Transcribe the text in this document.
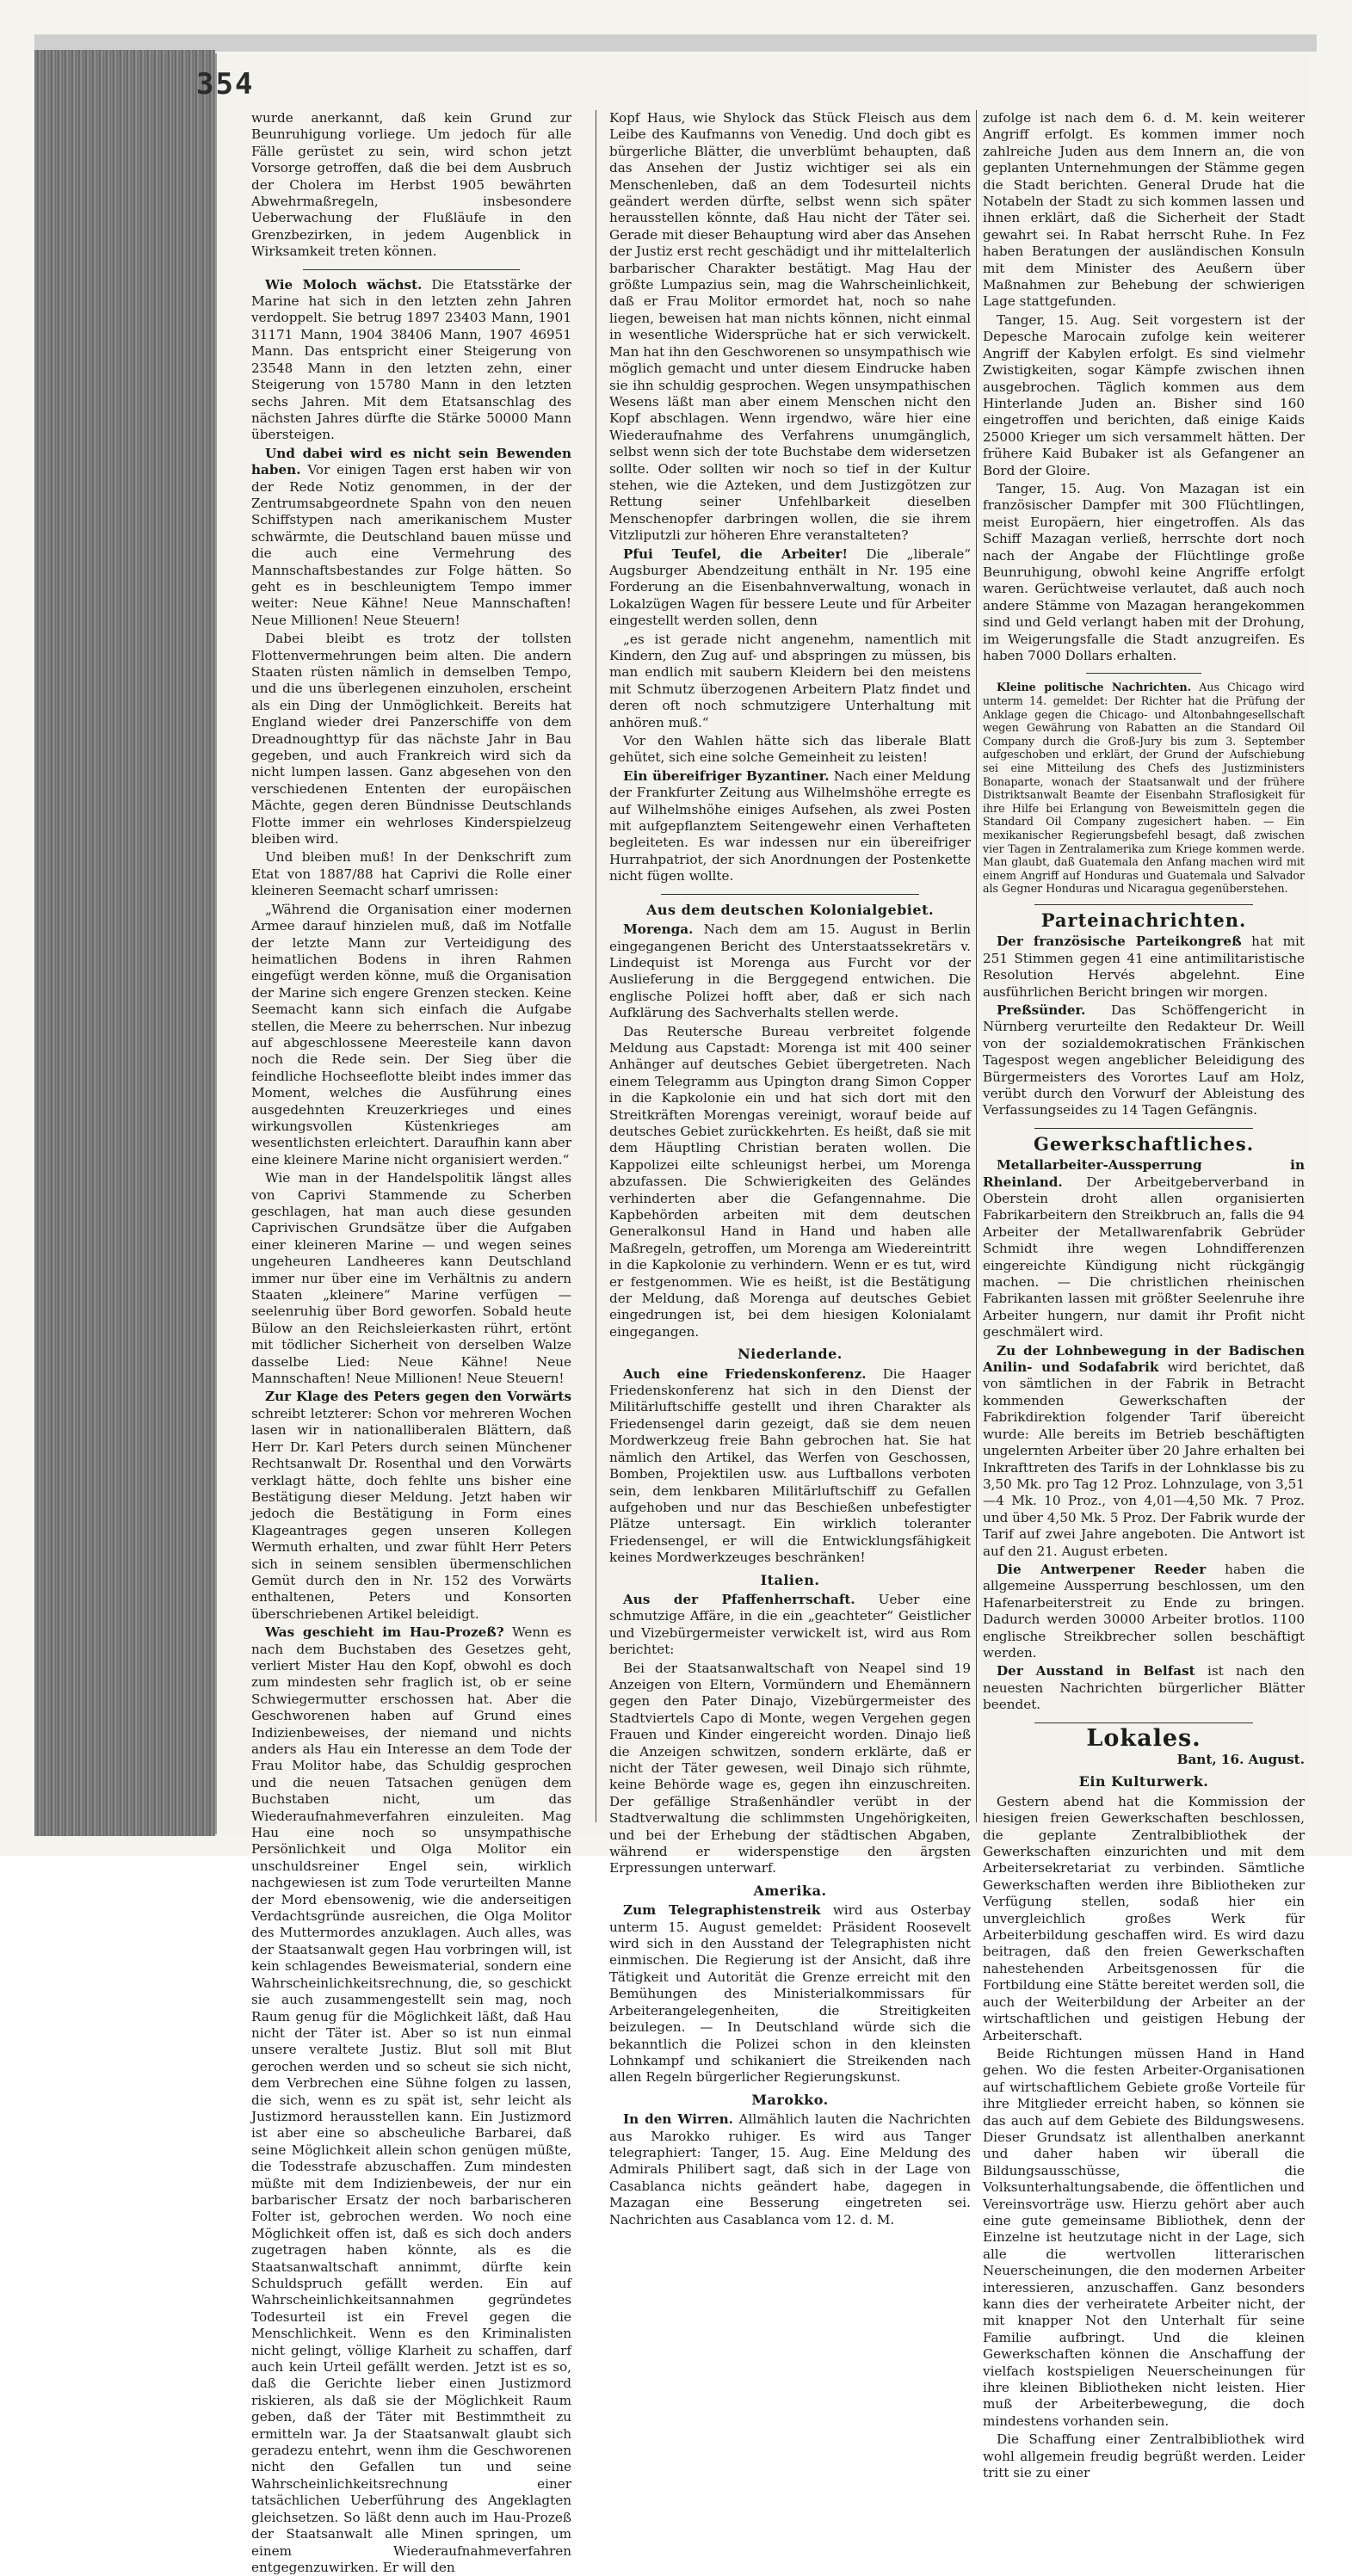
354

wurde anerkannt, daß kein Grund zur Beunruhigung vorliege. Um jedoch für alle Fälle gerüstet zu sein, wird schon jetzt Vorsorge getroffen, daß die bei dem Ausbruch der Cholera im Herbst 1905 bewährten Abwehrmaßregeln, insbesondere Ueberwachung der Flußläufe in den Grenzbezirken, in jedem Augenblick in Wirksamkeit treten können.

Wie Moloch wächst. Die Etatsstärke der Marine hat sich in den letzten zehn Jahren verdoppelt. Sie betrug 1897 23403 Mann, 1901 31171 Mann, 1904 38406 Mann, 1907 46951 Mann. Das entspricht einer Steigerung von 23548 Mann in den letzten zehn, einer Steigerung von 15780 Mann in den letzten sechs Jahren. Mit dem Etatsanschlag des nächsten Jahres dürfte die Stärke 50000 Mann übersteigen.

Und dabei wird es nicht sein Bewenden haben. Vor einigen Tagen erst haben wir von der Rede Notiz genommen, in der der Zentrumsabgeordnete Spahn von den neuen Schiffstypen nach amerikanischem Muster schwärmte, die Deutschland bauen müsse und die auch eine Vermehrung des Mannschaftsbestandes zur Folge hätten. So geht es in beschleunigtem Tempo immer weiter: Neue Kähne! Neue Mannschaften! Neue Millionen! Neue Steuern!

Dabei bleibt es trotz der tollsten Flottenvermehrungen beim alten. Die andern Staaten rüsten nämlich in demselben Tempo, und die uns überlegenen einzuholen, erscheint als ein Ding der Unmöglichkeit. Bereits hat England wieder drei Panzerschiffe von dem Dreadnoughttyp für das nächste Jahr in Bau gegeben, und auch Frankreich wird sich da nicht lumpen lassen. Ganz abgesehen von den verschiedenen Ententen der europäischen Mächte, gegen deren Bündnisse Deutschlands Flotte immer ein wehrloses Kinderspielzeug bleiben wird.

Und bleiben muß! In der Denkschrift zum Etat von 1887/88 hat Caprivi die Rolle einer kleineren Seemacht scharf umrissen:

„Während die Organisation einer modernen Armee darauf hinzielen muß, daß im Notfalle der letzte Mann zur Verteidigung des heimatlichen Bodens in ihren Rahmen eingefügt werden könne, muß die Organisation der Marine sich engere Grenzen stecken. Keine Seemacht kann sich einfach die Aufgabe stellen, die Meere zu beherrschen. Nur inbezug auf abgeschlossene Meeresteile kann davon noch die Rede sein. Der Sieg über die feindliche Hochseeflotte bleibt indes immer das Moment, welches die Ausführung eines ausgedehnten Kreuzerkrieges und eines wirkungsvollen Küstenkrieges am wesentlichsten erleichtert. Daraufhin kann aber eine kleinere Marine nicht organisiert werden.“

Wie man in der Handelspolitik längst alles von Caprivi Stammende zu Scherben geschlagen, hat man auch diese gesunden Caprivischen Grundsätze über die Aufgaben einer kleineren Marine — und wegen seines ungeheuren Landheeres kann Deutschland immer nur über eine im Verhältnis zu andern Staaten „kleinere“ Marine verfügen — seelenruhig über Bord geworfen. Sobald heute Bülow an den Reichsleierkasten rührt, ertönt mit tödlicher Sicherheit von derselben Walze dasselbe Lied: Neue Kähne! Neue Mannschaften! Neue Millionen! Neue Steuern!

Zur Klage des Peters gegen den Vorwärts schreibt letzterer: Schon vor mehreren Wochen lasen wir in nationalliberalen Blättern, daß Herr Dr. Karl Peters durch seinen Münchener Rechtsanwalt Dr. Rosenthal und den Vorwärts verklagt hätte, doch fehlte uns bisher eine Bestätigung dieser Meldung. Jetzt haben wir jedoch die Bestätigung in Form eines Klageantrages gegen unseren Kollegen Wermuth erhalten, und zwar fühlt Herr Peters sich in seinem sensiblen übermenschlichen Gemüt durch den in Nr. 152 des Vorwärts enthaltenen, Peters und Konsorten überschriebenen Artikel beleidigt.

Was geschieht im Hau-Prozeß? Wenn es nach dem Buchstaben des Gesetzes geht, verliert Mister Hau den Kopf, obwohl es doch zum mindesten sehr fraglich ist, ob er seine Schwiegermutter erschossen hat. Aber die Geschworenen haben auf Grund eines Indizienbeweises, der niemand und nichts anders als Hau ein Interesse an dem Tode der Frau Molitor habe, das Schuldig gesprochen und die neuen Tatsachen genügen dem Buchstaben nicht, um das Wiederaufnahmeverfahren einzuleiten. Mag Hau eine noch so unsympathische Persönlichkeit und Olga Molitor ein unschuldsreiner Engel sein, wirklich nachgewiesen ist zum Tode verurteilten Manne der Mord ebensowenig, wie die anderseitigen Verdachtsgründe ausreichen, die Olga Molitor des Muttermordes anzuklagen. Auch alles, was der Staatsanwalt gegen Hau vorbringen will, ist kein schlagendes Beweismaterial, sondern eine Wahrscheinlichkeitsrechnung, die, so geschickt sie auch zusammengestellt sein mag, noch Raum genug für die Möglichkeit läßt, daß Hau nicht der Täter ist. Aber so ist nun einmal unsere veraltete Justiz. Blut soll mit Blut gerochen werden und so scheut sie sich nicht, dem Verbrechen eine Sühne folgen zu lassen, die sich, wenn es zu spät ist, sehr leicht als Justizmord herausstellen kann. Ein Justizmord ist aber eine so abscheuliche Barbarei, daß seine Möglichkeit allein schon genügen müßte, die Todesstrafe abzuschaffen. Zum mindesten müßte mit dem Indizienbeweis, der nur ein barbarischer Ersatz der noch barbarischeren Folter ist, gebrochen werden. Wo noch eine Möglichkeit offen ist, daß es sich doch anders zugetragen haben könnte, als es die Staatsanwaltschaft annimmt, dürfte kein Schuldspruch gefällt werden. Ein auf Wahrscheinlichkeitsannahmen gegründetes Todesurteil ist ein Frevel gegen die Menschlichkeit. Wenn es den Kriminalisten nicht gelingt, völlige Klarheit zu schaffen, darf auch kein Urteil gefällt werden. Jetzt ist es so, daß die Gerichte lieber einen Justizmord riskieren, als daß sie der Möglichkeit Raum geben, daß der Täter mit Bestimmtheit zu ermitteln war. Ja der Staatsanwalt glaubt sich geradezu entehrt, wenn ihm die Geschworenen nicht den Gefallen tun und seine Wahrscheinlichkeitsrechnung einer tatsächlichen Ueberführung des Angeklagten gleichsetzen. So läßt denn auch im Hau-Prozeß der Staatsanwalt alle Minen springen, um einem Wiederaufnahmeverfahren entgegenzuwirken. Er will den

Kopf Haus, wie Shylock das Stück Fleisch aus dem Leibe des Kaufmanns von Venedig. Und doch gibt es bürgerliche Blätter, die unverblümt behaupten, daß das Ansehen der Justiz wichtiger sei als ein Menschenleben, daß an dem Todesurteil nichts geändert werden dürfte, selbst wenn sich später herausstellen könnte, daß Hau nicht der Täter sei. Gerade mit dieser Behauptung wird aber das Ansehen der Justiz erst recht geschädigt und ihr mittelalterlich barbarischer Charakter bestätigt. Mag Hau der größte Lumpazius sein, mag die Wahrscheinlichkeit, daß er Frau Molitor ermordet hat, noch so nahe liegen, beweisen hat man nichts können, nicht einmal in wesentliche Widersprüche hat er sich verwickelt. Man hat ihn den Geschworenen so unsympathisch wie möglich gemacht und unter diesem Eindrucke haben sie ihn schuldig gesprochen. Wegen unsympathischen Wesens läßt man aber einem Menschen nicht den Kopf abschlagen. Wenn irgendwo, wäre hier eine Wiederaufnahme des Verfahrens unumgänglich, selbst wenn sich der tote Buchstabe dem widersetzen sollte. Oder sollten wir noch so tief in der Kultur stehen, wie die Azteken, und dem Justizgötzen zur Rettung seiner Unfehlbarkeit dieselben Menschenopfer darbringen wollen, die sie ihrem Vitzliputzli zur höheren Ehre veranstalteten?

Pfui Teufel, die Arbeiter! Die „liberale“ Augsburger Abendzeitung enthält in Nr. 195 eine Forderung an die Eisenbahnverwaltung, wonach in Lokalzügen Wagen für bessere Leute und für Arbeiter eingestellt werden sollen, denn

„es ist gerade nicht angenehm, namentlich mit Kindern, den Zug auf- und abspringen zu müssen, bis man endlich mit saubern Kleidern bei den meistens mit Schmutz überzogenen Arbeitern Platz findet und deren oft noch schmutzigere Unterhaltung mit anhören muß.“

Vor den Wahlen hätte sich das liberale Blatt gehütet, sich eine solche Gemeinheit zu leisten!

Ein übereifriger Byzantiner. Nach einer Meldung der Frankfurter Zeitung aus Wilhelmshöhe erregte es auf Wilhelmshöhe einiges Aufsehen, als zwei Posten mit aufgepflanztem Seitengewehr einen Verhafteten begleiteten. Es war indessen nur ein übereifriger Hurrahpatriot, der sich Anordnungen der Postenkette nicht fügen wollte.

Aus dem deutschen Kolonialgebiet.

Morenga. Nach dem am 15. August in Berlin eingegangenen Bericht des Unterstaatssekretärs v. Lindequist ist Morenga aus Furcht vor der Auslieferung in die Berggegend entwichen. Die englische Polizei hofft aber, daß er sich nach Aufklärung des Sachverhalts stellen werde.

Das Reutersche Bureau verbreitet folgende Meldung aus Capstadt: Morenga ist mit 400 seiner Anhänger auf deutsches Gebiet übergetreten. Nach einem Telegramm aus Upington drang Simon Copper in die Kapkolonie ein und hat sich dort mit den Streitkräften Morengas vereinigt, worauf beide auf deutsches Gebiet zurückkehrten. Es heißt, daß sie mit dem Häuptling Christian beraten wollen. Die Kappolizei eilte schleunigst herbei, um Morenga abzufassen. Die Schwierigkeiten des Geländes verhinderten aber die Gefangennahme. Die Kapbehörden arbeiten mit dem deutschen Generalkonsul Hand in Hand und haben alle Maßregeln, getroffen, um Morenga am Wiedereintritt in die Kapkolonie zu verhindern. Wenn er es tut, wird er festgenommen. Wie es heißt, ist die Bestätigung der Meldung, daß Morenga auf deutsches Gebiet eingedrungen ist, bei dem hiesigen Kolonialamt eingegangen.

Niederlande.

Auch eine Friedenskonferenz. Die Haager Friedenskonferenz hat sich in den Dienst der Militärluftschiffe gestellt und ihren Charakter als Friedensengel darin gezeigt, daß sie dem neuen Mordwerkzeug freie Bahn gebrochen hat. Sie hat nämlich den Artikel, das Werfen von Geschossen, Bomben, Projektilen usw. aus Luftballons verboten sein, dem lenkbaren Militärluftschiff zu Gefallen aufgehoben und nur das Beschießen unbefestigter Plätze untersagt. Ein wirklich toleranter Friedensengel, er will die Entwicklungsfähigkeit keines Mordwerkzeuges beschränken!

Italien.

Aus der Pfaffenherrschaft. Ueber eine schmutzige Affäre, in die ein „geachteter“ Geistlicher und Vizebürgermeister verwickelt ist, wird aus Rom berichtet:

Bei der Staatsanwaltschaft von Neapel sind 19 Anzeigen von Eltern, Vormündern und Ehemännern gegen den Pater Dinajo, Vizebürgermeister des Stadtviertels Capo di Monte, wegen Vergehen gegen Frauen und Kinder eingereicht worden. Dinajo ließ die Anzeigen schwitzen, sondern erklärte, daß er nicht der Täter gewesen, weil Dinajo sich rühmte, keine Behörde wage es, gegen ihn einzuschreiten. Der gefällige Straßenhändler verübt in der Stadtverwaltung die schlimmsten Ungehörigkeiten, und bei der Erhebung der städtischen Abgaben, während er widerspenstige den ärgsten Erpressungen unterwarf.

Amerika.

Zum Telegraphistenstreik wird aus Osterbay unterm 15. August gemeldet: Präsident Roosevelt wird sich in den Ausstand der Telegraphisten nicht einmischen. Die Regierung ist der Ansicht, daß ihre Tätigkeit und Autorität die Grenze erreicht mit den Bemühungen des Ministerialkommissars für Arbeiterangelegenheiten, die Streitigkeiten beizulegen. — In Deutschland würde sich die bekanntlich die Polizei schon in den kleinsten Lohnkampf und schikaniert die Streikenden nach allen Regeln bürgerlicher Regierungskunst.

Marokko.

In den Wirren. Allmählich lauten die Nachrichten aus Marokko ruhiger. Es wird aus Tanger telegraphiert: Tanger, 15. Aug. Eine Meldung des Admirals Philibert sagt, daß sich in der Lage von Casablanca nichts geändert habe, dagegen in Mazagan eine Besserung eingetreten sei. Nachrichten aus Casablanca vom 12. d. M.

zufolge ist nach dem 6. d. M. kein weiterer Angriff erfolgt. Es kommen immer noch zahlreiche Juden aus dem Innern an, die von geplanten Unternehmungen der Stämme gegen die Stadt berichten. General Drude hat die Notabeln der Stadt zu sich kommen lassen und ihnen erklärt, daß die Sicherheit der Stadt gewahrt sei. In Rabat herrscht Ruhe. In Fez haben Beratungen der ausländischen Konsuln mit dem Minister des Aeußern über Maßnahmen zur Behebung der schwierigen Lage stattgefunden.

Tanger, 15. Aug. Seit vorgestern ist der Depesche Marocain zufolge kein weiterer Angriff der Kabylen erfolgt. Es sind vielmehr Zwistigkeiten, sogar Kämpfe zwischen ihnen ausgebrochen. Täglich kommen aus dem Hinterlande Juden an. Bisher sind 160 eingetroffen und berichten, daß einige Kaids 25000 Krieger um sich versammelt hätten. Der frühere Kaid Bubaker ist als Gefangener an Bord der Gloire.

Tanger, 15. Aug. Von Mazagan ist ein französischer Dampfer mit 300 Flüchtlingen, meist Europäern, hier eingetroffen. Als das Schiff Mazagan verließ, herrschte dort noch nach der Angabe der Flüchtlinge große Beunruhigung, obwohl keine Angriffe erfolgt waren. Gerüchtweise verlautet, daß auch noch andere Stämme von Mazagan herangekommen sind und Geld verlangt haben mit der Drohung, im Weigerungsfalle die Stadt anzugreifen. Es haben 7000 Dollars erhalten.

Kleine politische Nachrichten. Aus Chicago wird unterm 14. gemeldet: Der Richter hat die Prüfung der Anklage gegen die Chicago- und Altonbahngesellschaft wegen Gewährung von Rabatten an die Standard Oil Company durch die Groß-Jury bis zum 3. September aufgeschoben und erklärt, der Grund der Aufschiebung sei eine Mitteilung des Chefs des Justizministers Bonaparte, wonach der Staatsanwalt und der frühere Distriktsanwalt Beamte der Eisenbahn Straflosigkeit für ihre Hilfe bei Erlangung von Beweismitteln gegen die Standard Oil Company zugesichert haben. — Ein mexikanischer Regierungsbefehl besagt, daß zwischen vier Tagen in Zentralamerika zum Kriege kommen werde. Man glaubt, daß Guatemala den Anfang machen wird mit einem Angriff auf Honduras und Guatemala und Salvador als Gegner Honduras und Nicaragua gegenüberstehen.

Parteinachrichten.

Der französische Parteikongreß hat mit 251 Stimmen gegen 41 eine antimilitaristische Resolution Hervés abgelehnt. Eine ausführlichen Bericht bringen wir morgen.

Preßsünder. Das Schöffengericht in Nürnberg verurteilte den Redakteur Dr. Weill von der sozialdemokratischen Fränkischen Tagespost wegen angeblicher Beleidigung des Bürgermeisters des Vorortes Lauf am Holz, verübt durch den Vorwurf der Ableistung des Verfassungseides zu 14 Tagen Gefängnis.

Gewerkschaftliches.

Metallarbeiter-Aussperrung in Rheinland. Der Arbeitgeberverband in Oberstein droht allen organisierten Fabrikarbeitern den Streikbruch an, falls die 94 Arbeiter der Metallwarenfabrik Gebrüder Schmidt ihre wegen Lohndifferenzen eingereichte Kündigung nicht rückgängig machen. — Die christlichen rheinischen Fabrikanten lassen mit größter Seelenruhe ihre Arbeiter hungern, nur damit ihr Profit nicht geschmälert wird.

Zu der Lohnbewegung in der Badischen Anilin- und Sodafabrik wird berichtet, daß von sämtlichen in der Fabrik in Betracht kommenden Gewerkschaften der Fabrikdirektion folgender Tarif übereicht wurde: Alle bereits im Betrieb beschäftigten ungelernten Arbeiter über 20 Jahre erhalten bei Inkrafttreten des Tarifs in der Lohnklasse bis zu 3,50 Mk. pro Tag 12 Proz. Lohnzulage, von 3,51—4 Mk. 10 Proz., von 4,01—4,50 Mk. 7 Proz. und über 4,50 Mk. 5 Proz. Der Fabrik wurde der Tarif auf zwei Jahre angeboten. Die Antwort ist auf den 21. August erbeten.

Die Antwerpener Reeder haben die allgemeine Aussperrung beschlossen, um den Hafenarbeiterstreit zu Ende zu bringen. Dadurch werden 30000 Arbeiter brotlos. 1100 englische Streikbrecher sollen beschäftigt werden.

Der Ausstand in Belfast ist nach den neuesten Nachrichten bürgerlicher Blätter beendet.

Lokales.
Bant, 16. August.
Ein Kulturwerk.

Gestern abend hat die Kommission der hiesigen freien Gewerkschaften beschlossen, die geplante Zentralbibliothek der Gewerkschaften einzurichten und mit dem Arbeitersekretariat zu verbinden. Sämtliche Gewerkschaften werden ihre Bibliotheken zur Verfügung stellen, sodaß hier ein unvergleichlich großes Werk für Arbeiterbildung geschaffen wird. Es wird dazu beitragen, daß den freien Gewerkschaften nahestehenden Arbeitsgenossen für die Fortbildung eine Stätte bereitet werden soll, die auch der Weiterbildung der Arbeiter an der wirtschaftlichen und geistigen Hebung der Arbeiterschaft.

Beide Richtungen müssen Hand in Hand gehen. Wo die festen Arbeiter-Organisationen auf wirtschaftlichem Gebiete große Vorteile für ihre Mitglieder erreicht haben, so können sie das auch auf dem Gebiete des Bildungswesens. Dieser Grundsatz ist allenthalben anerkannt und daher haben wir überall die Bildungsausschüsse, die Volksunterhaltungsabende, die öffentlichen und Vereinsvorträge usw. Hierzu gehört aber auch eine gute gemeinsame Bibliothek, denn der Einzelne ist heutzutage nicht in der Lage, sich alle die wertvollen litterarischen Neuerscheinungen, die den modernen Arbeiter interessieren, anzuschaffen. Ganz besonders kann dies der verheiratete Arbeiter nicht, der mit knapper Not den Unterhalt für seine Familie aufbringt. Und die kleinen Gewerkschaften können die Anschaffung der vielfach kostspieligen Neuerscheinungen für ihre kleinen Bibliotheken nicht leisten. Hier muß der Arbeiterbewegung, die doch mindestens vorhanden sein.

Die Schaffung einer Zentralbibliothek wird wohl allgemein freudig begrüßt werden. Leider tritt sie zu einer
